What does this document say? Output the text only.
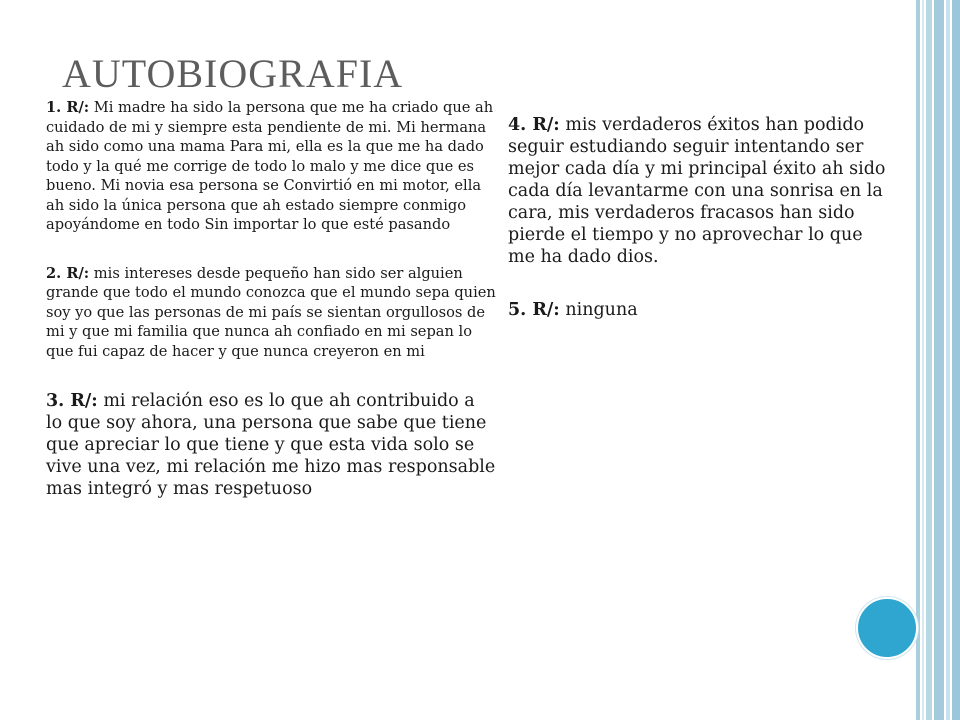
AUTOBIOGRAFIA

1. R/: Mi madre ha sido la persona que me ha criado que ah cuidado de mi y siempre esta pendiente de mi. Mi hermana ah sido como una mama Para mi, ella es la que me ha dado todo y la qué me corrige de todo lo malo y me dice que es bueno. Mi novia esa persona se Convirtió en mi motor, ella ah sido la única persona que ah estado siempre conmigo apoyándome en todo Sin importar lo que esté pasando

2. R/: mis intereses desde pequeño han sido ser alguien grande que todo el mundo conozca que el mundo sepa quien soy yo que las personas de mi país se sientan orgullosos de mi y que mi familia que nunca ah confiado en mi sepan lo que fui capaz de hacer y que nunca creyeron en mi

3. R/: mi relación eso es lo que ah contribuido a lo que soy ahora, una persona que sabe que tiene que apreciar lo que tiene y que esta vida solo se vive una vez, mi relación me hizo mas responsable mas integró y mas respetuoso

4. R/: mis verdaderos éxitos han podido seguir estudiando seguir intentando ser mejor cada día y mi principal éxito ah sido cada día levantarme con una sonrisa en la cara, mis verdaderos fracasos han sido pierde el tiempo y no aprovechar lo que me ha dado dios.

5. R/: ninguna
